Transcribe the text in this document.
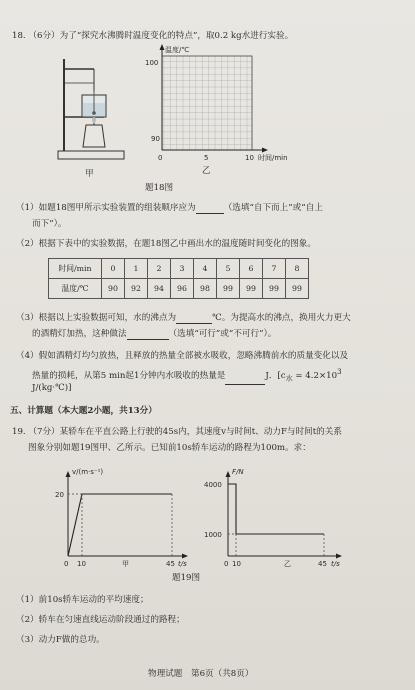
18. （6分）为了“探究水沸腾时温度变化的特点”，取0.2 kg水进行实验。
甲
温度/℃
100
90
0	5	10 时间/min
乙
题18图
（1）如题18图甲所示实验装置的组装顺序应为	（选填“自下而上”或“自上
而下”）。
（2）根据下表中的实验数据，在题18图乙中画出水的温度随时间变化的图象。
时间/min	0	1	2	3	4	5	6	7	8
温度/℃	90	92	94	96	98	99	99	99	99
（3）根据以上实验数据可知，水的沸点为	℃。为提高水的沸点，换用火力更大
的酒精灯加热，这种做法	（选填“可行”或“不可行”）。
（4）假如酒精灯均匀放热，且释放的热量全部被水吸收，忽略沸腾前水的质量变化以及
热量的损耗，从第5 min起1分钟内水吸收的热量是	J．[$c_水 = 4.2\times 10^3$
J/(kg·℃)]
五、计算题（本大题2小题，共13分）
19. （7分）某轿车在平直公路上行驶的45s内，其速度v与时间t、动力F与时间t的关系
图象分别如题19图甲、乙所示。已知前10s轿车运动的路程为100m。求：
v/(m·s⁻¹)
20
0 10	45 t/s
甲
F/N
4000
1000
0 10	45 t/s
乙
题19图
（1）前10s轿车运动的平均速度；
（2）轿车在匀速直线运动阶段通过的路程；
（3）动力F做的总功。
物理试题　第6页（共8页）
